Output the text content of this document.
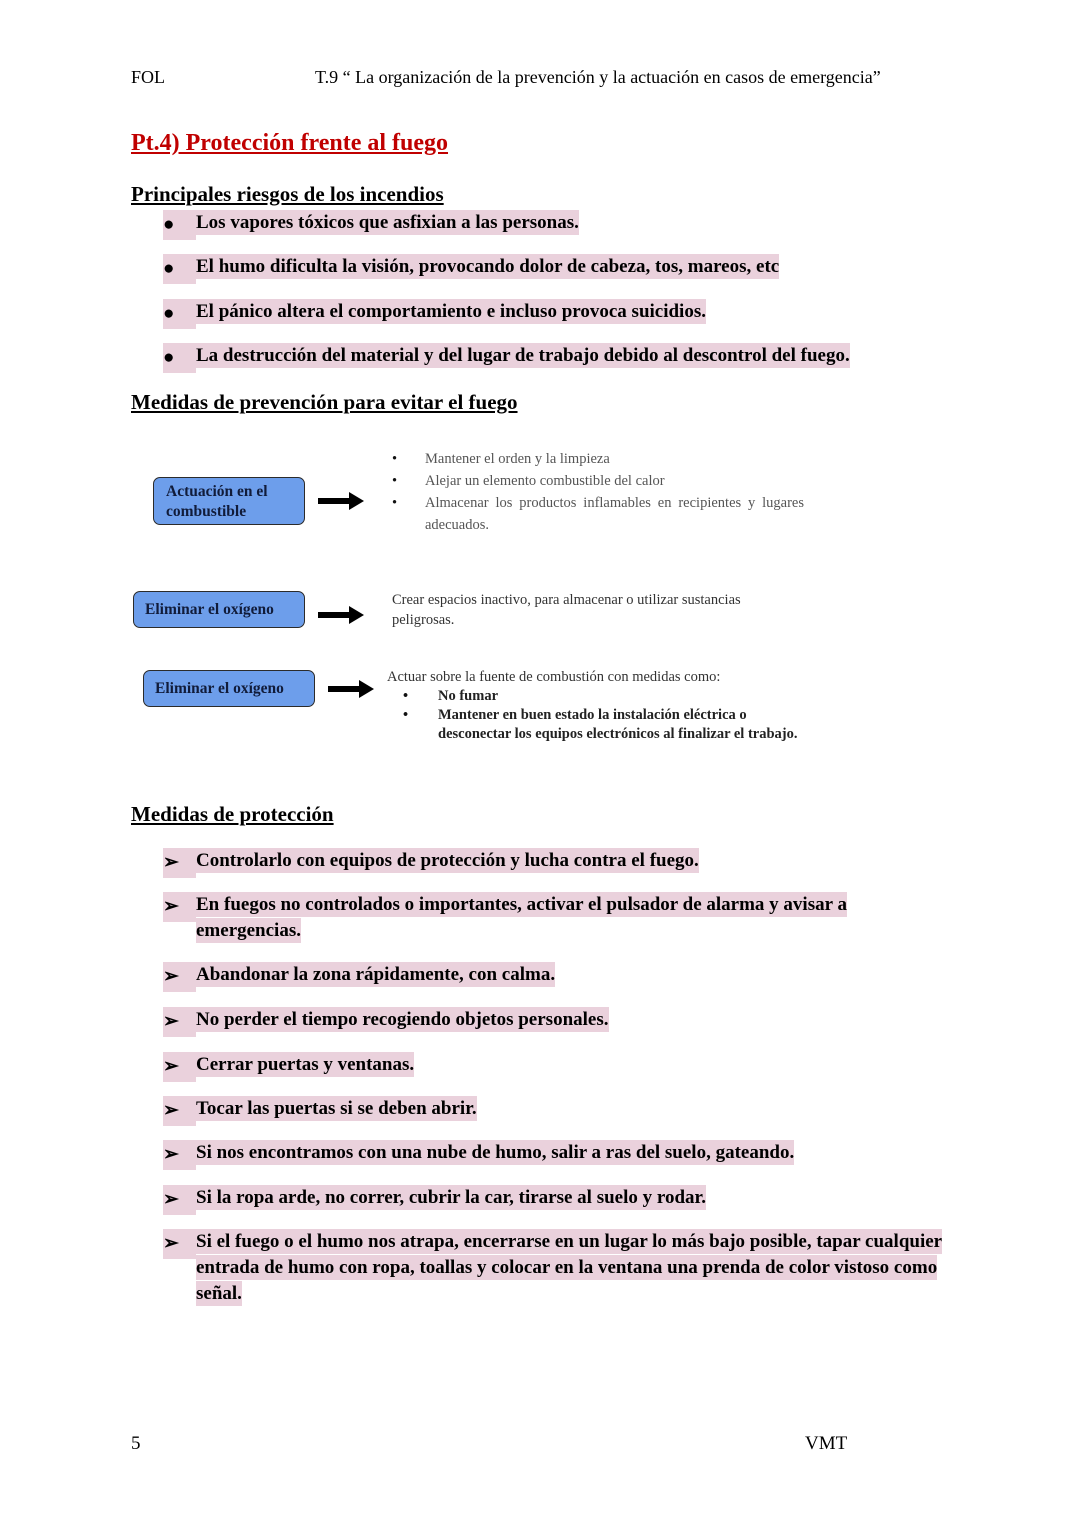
FOL	T.9 “ La organización de la prevención y la actuación en casos de emergencia”
Pt.4) Protección frente al fuego
Principales riesgos de los incendios
●	Los vapores tóxicos que asfixian a las personas.
●	El humo dificulta la visión, provocando dolor de cabeza, tos, mareos, etc
●	El pánico altera el comportamiento e incluso provoca suicidios.
●	La destrucción del material y del lugar de trabajo debido al descontrol del fuego.
Medidas de prevención para evitar el fuego
Actuación en el combustible
• Mantener el orden y la limpieza
• Alejar un elemento combustible del calor
• Almacenar los productos inflamables en recipientes y lugares adecuados.
Eliminar el oxígeno
Crear espacios inactivo, para almacenar o utilizar sustancias peligrosas.
Eliminar el oxígeno
Actuar sobre la fuente de combustión con medidas como:
• No fumar
• Mantener en buen estado la instalación eléctrica o desconectar los equipos electrónicos al finalizar el trabajo.
Medidas de protección
➢ Controlarlo con equipos de protección y lucha contra el fuego.
➢ En fuegos no controlados o importantes, activar el pulsador de alarma y avisar a emergencias.
➢ Abandonar la zona rápidamente, con calma.
➢ No perder el tiempo recogiendo objetos personales.
➢ Cerrar puertas y ventanas.
➢ Tocar las puertas si se deben abrir.
➢ Si nos encontramos con una nube de humo, salir a ras del suelo, gateando.
➢ Si la ropa arde, no correr, cubrir la car, tirarse al suelo y rodar.
➢ Si el fuego o el humo nos atrapa, encerrarse en un lugar lo más bajo posible, tapar cualquier entrada de humo con ropa, toallas y colocar en la ventana una prenda de color vistoso como señal.
5	VMT
